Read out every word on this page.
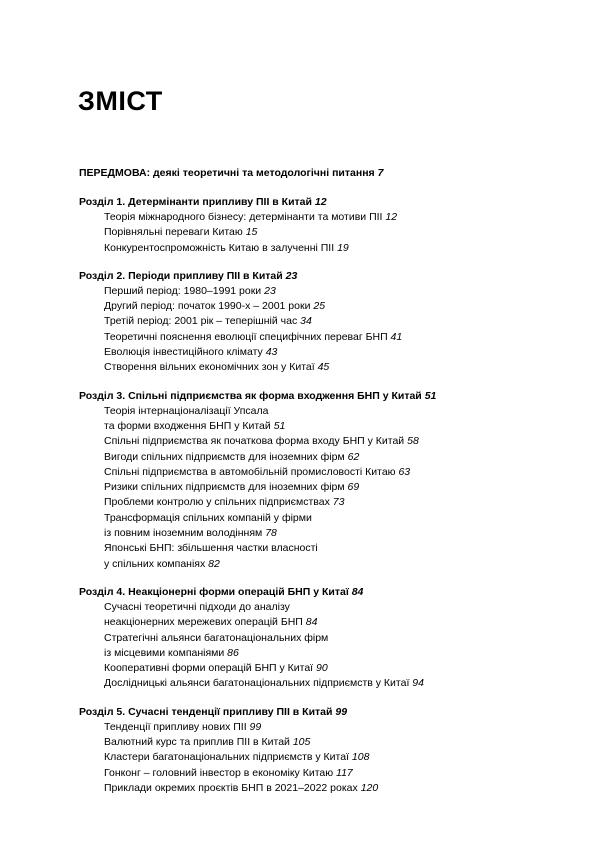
ЗМІСТ
ПЕРЕДМОВА: деякі теоретичні та методологічні питання 7
Розділ 1. Детермінанти припливу ПІІ в Китай 12
Теорія міжнародного бізнесу: детермінанти та мотиви ПІІ 12
Порівняльні переваги Китаю 15
Конкурентоспроможність Китаю в залученні ПІІ 19
Розділ 2. Періоди припливу ПІІ в Китай 23
Перший період: 1980–1991 роки 23
Другий період: початок 1990-х – 2001 роки 25
Третій період: 2001 рік – теперішній час 34
Теоретичні пояснення еволюції специфічних переваг БНП 41
Еволюція інвестиційного клімату 43
Створення вільних економічних зон у Китаї 45
Розділ 3. Спільні підприємства як форма входження БНП у Китай 51
Теорія інтернаціоналізації Упсала
та форми входження БНП у Китай 51
Спільні підприємства як початкова форма входу БНП у Китай 58
Вигоди спільних підприємств для іноземних фірм 62
Спільні підприємства в автомобільній промисловості Китаю 63
Ризики спільних підприємств для іноземних фірм 69
Проблеми контролю у спільних підприємствах 73
Трансформація спільних компаній у фірми
із повним іноземним володінням 78
Японські БНП: збільшення частки власності
у спільних компаніях 82
Розділ 4. Неакціонерні форми операцій БНП у Китаї 84
Сучасні теоретичні підходи до аналізу
неакціонерних мережевих операцій БНП 84
Стратегічні альянси багатонаціональних фірм
із місцевими компаніями 86
Кооперативні форми операцій БНП у Китаї 90
Дослідницькі альянси багатонаціональних підприємств у Китаї 94
Розділ 5. Сучасні тенденції припливу ПІІ в Китай 99
Тенденції припливу нових ПІІ 99
Валютний курс та приплив ПІІ в Китай 105
Кластери багатонаціональних підприємств у Китаї 108
Гонконг – головний інвестор в економіку Китаю 117
Приклади окремих проєктів БНП в 2021–2022 роках 120
